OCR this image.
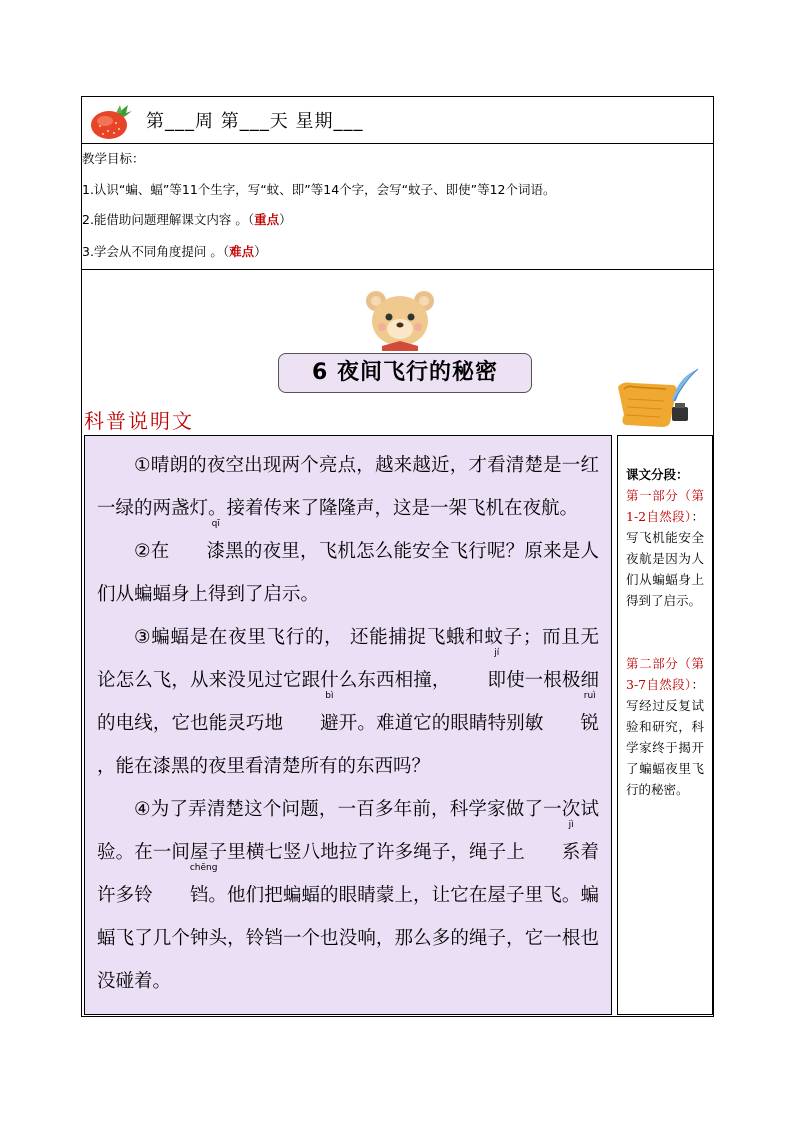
第___周 第___天 星期___
教学目标：
1.认识“蝙、蝠”等11个生字，写“蚊、即”等14个字，会写“蚊子、即使”等12个词语。
2.能借助问题理解课文内容 。（重点）
3.学会从不同角度提问 。（难点）
6 夜间飞行的秘密
科普说明文

①晴朗的夜空出现两个亮点，越来越近，才看清楚是一红一绿的两盏灯。接着传来了隆隆声，这是一架飞机在夜航。

②在
qī
漆黑的夜里，飞机怎么能安全飞行呢？原来是人们从蝙蝠身上得到了启示。

③蝙蝠是在夜里飞行的， 还能捕捉飞蛾和蚊子；而且无论怎么飞，从来没见过它跟什么东西相撞，
jí
即使一根极细的电线，它也能灵巧地
bì
避开。难道它的眼睛特别敏
ruì
锐，能在漆黑的夜里看清楚所有的东西吗？

④为了弄清楚这个问题，一百多年前，科学家做了一次试验。在一间屋子里横七竖八地拉了许多绳子，绳子上
jì
系着许多铃
chēng
铛。他们把蝙蝠的眼睛蒙上，让它在屋子里飞。蝙蝠飞了几个钟头，铃铛一个也没响，那么多的绳子，它一根也没碰着。

课文分段：
第一部分（第1-2自然段）：写飞机能安全夜航是因为人们从蝙蝠身上得到了启示。
第二部分（第3-7自然段）：写经过反复试验和研究，科学家终于揭开了蝙蝠夜里飞行的秘密。
